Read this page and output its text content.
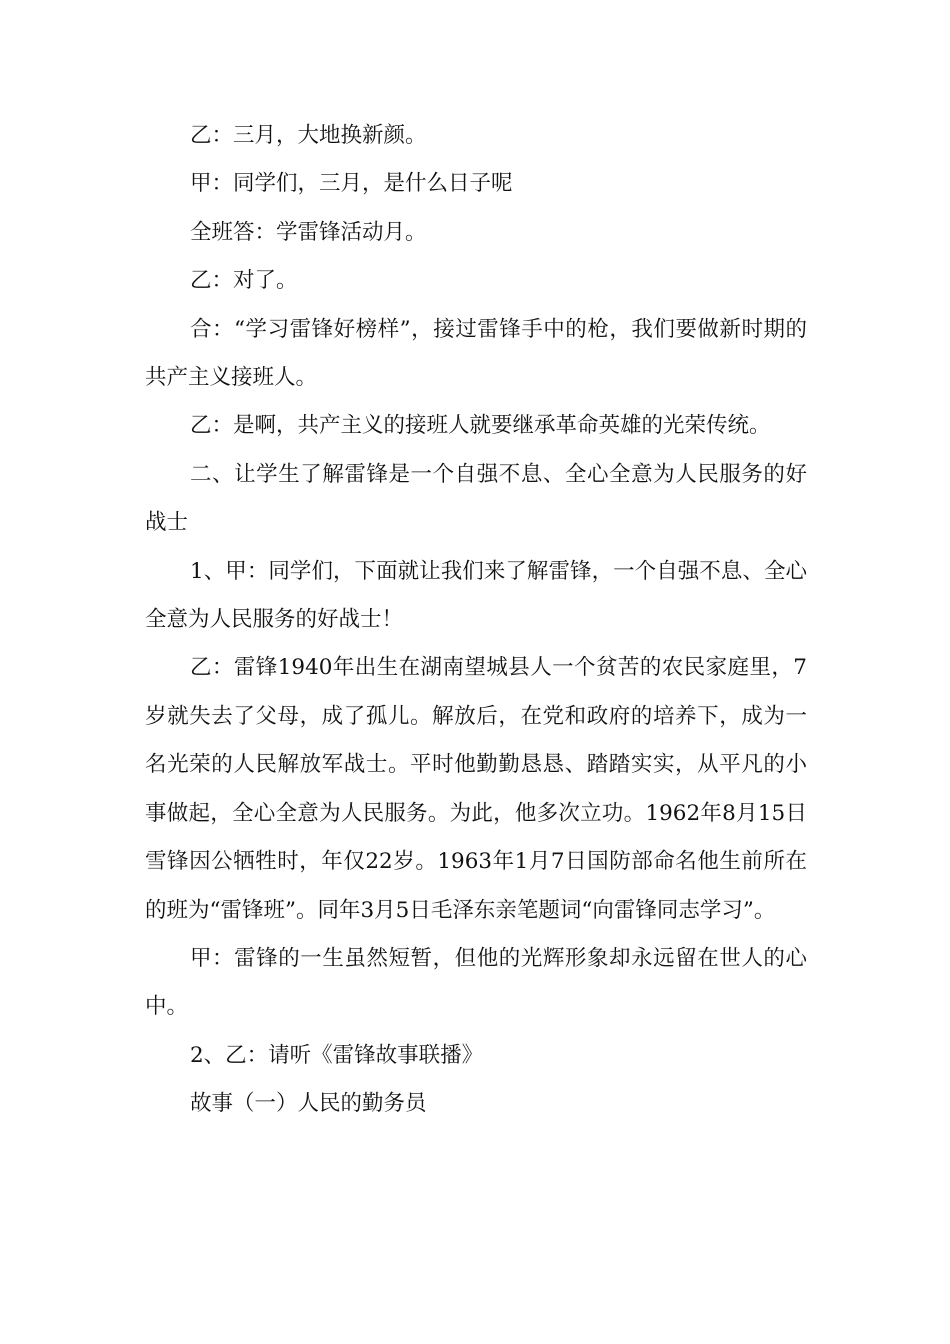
乙：三月，大地换新颜。

甲：同学们，三月，是什么日子呢

全班答：学雷锋活动月。

乙：对了。

合：“学习雷锋好榜样”，接过雷锋手中的枪，我们要做新时期的共产主义接班人。

乙：是啊，共产主义的接班人就要继承革命英雄的光荣传统。

二、让学生了解雷锋是一个自强不息、全心全意为人民服务的好战士

1、甲：同学们，下面就让我们来了解雷锋，一个自强不息、全心全意为人民服务的好战士！

乙：雷锋1940年出生在湖南望城县人一个贫苦的农民家庭里，7岁就失去了父母，成了孤儿。解放后，在党和政府的培养下，成为一名光荣的人民解放军战士。平时他勤勤恳恳、踏踏实实，从平凡的小事做起，全心全意为人民服务。为此，他多次立功。1962年8月15日雪锋因公牺牲时，年仅22岁。1963年1月7日国防部命名他生前所在的班为“雷锋班”。同年3月5日毛泽东亲笔题词“向雷锋同志学习”。

甲：雷锋的一生虽然短暂，但他的光辉形象却永远留在世人的心中。

2、乙：请听《雷锋故事联播》

故事（一）人民的勤务员
